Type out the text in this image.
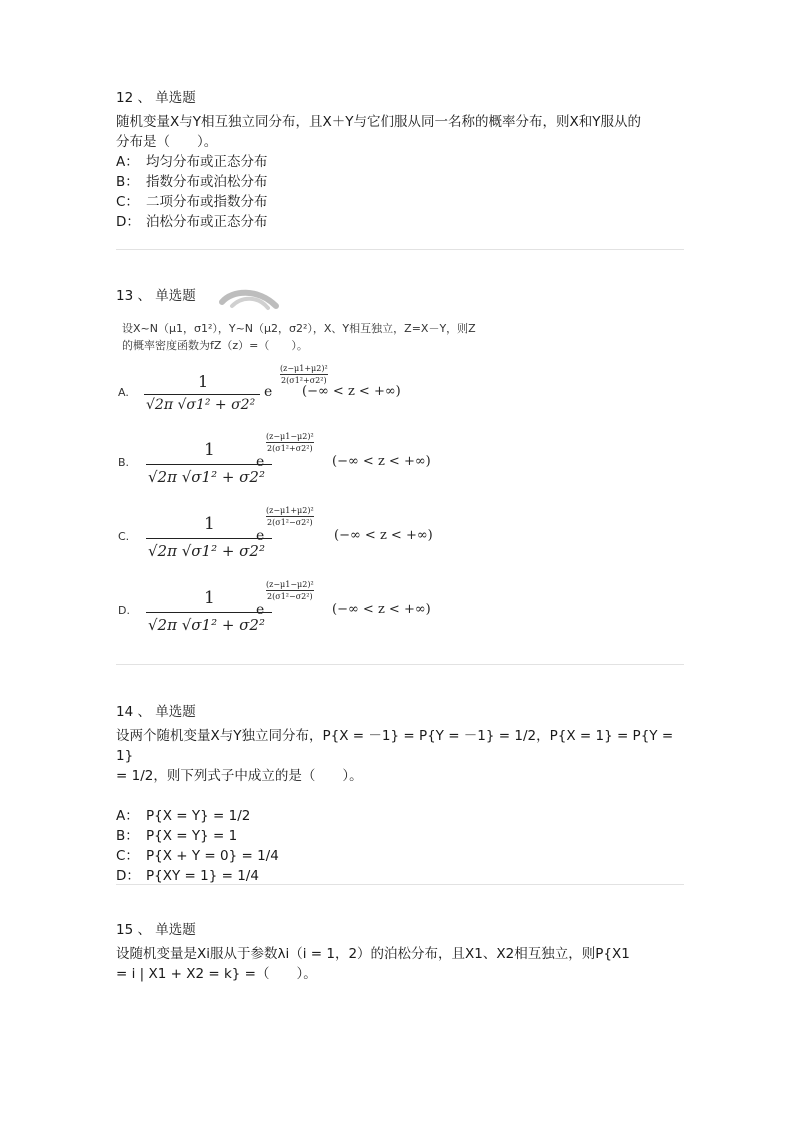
12 、 单选题
随机变量X与Y相互独立同分布，且X＋Y与它们服从同一名称的概率分布，则X和Y服从的
分布是（　　）。
A： 均匀分布或正态分布
B： 指数分布或泊松分布
C： 二项分布或指数分布
D： 泊松分布或正态分布
13 、 单选题
设X~N（μ1，σ1²），Y~N（μ2，σ2²），X、Y相互独立，Z=X－Y，则Z
的概率密度函数为fZ（z）=（　　）。
A.
1
√2π √σ1² + σ2²
e
(z−μ1+μ2)²
2(σ1²+σ2²)
(−∞ < z < +∞)
B.
1
√2π √σ1² + σ2²
e
(z−μ1−μ2)²
2(σ1²+σ2²)
(−∞ < z < +∞)
C.
1
√2π √σ1² + σ2²
e
(z−μ1+μ2)²
2(σ1²−σ2²)
(−∞ < z < +∞)
D.
1
√2π √σ1² + σ2²
e
(z−μ1−μ2)²
2(σ1²−σ2²)
(−∞ < z < +∞)
14 、 单选题
设两个随机变量X与Y独立同分布，P{X = －1} = P{Y = －1} = 1/2，P{X = 1} = P{Y = 1}
= 1/2，则下列式子中成立的是（　　）。
A： P{X = Y} = 1/2
B： P{X = Y} = 1
C： P{X + Y = 0} = 1/4
D： P{XY = 1} = 1/4
15 、 单选题
设随机变量是Xi服从于参数λi（i = 1，2）的泊松分布，且X1、X2相互独立，则P{X1
= i | X1 + X2 = k} =（　　）。
